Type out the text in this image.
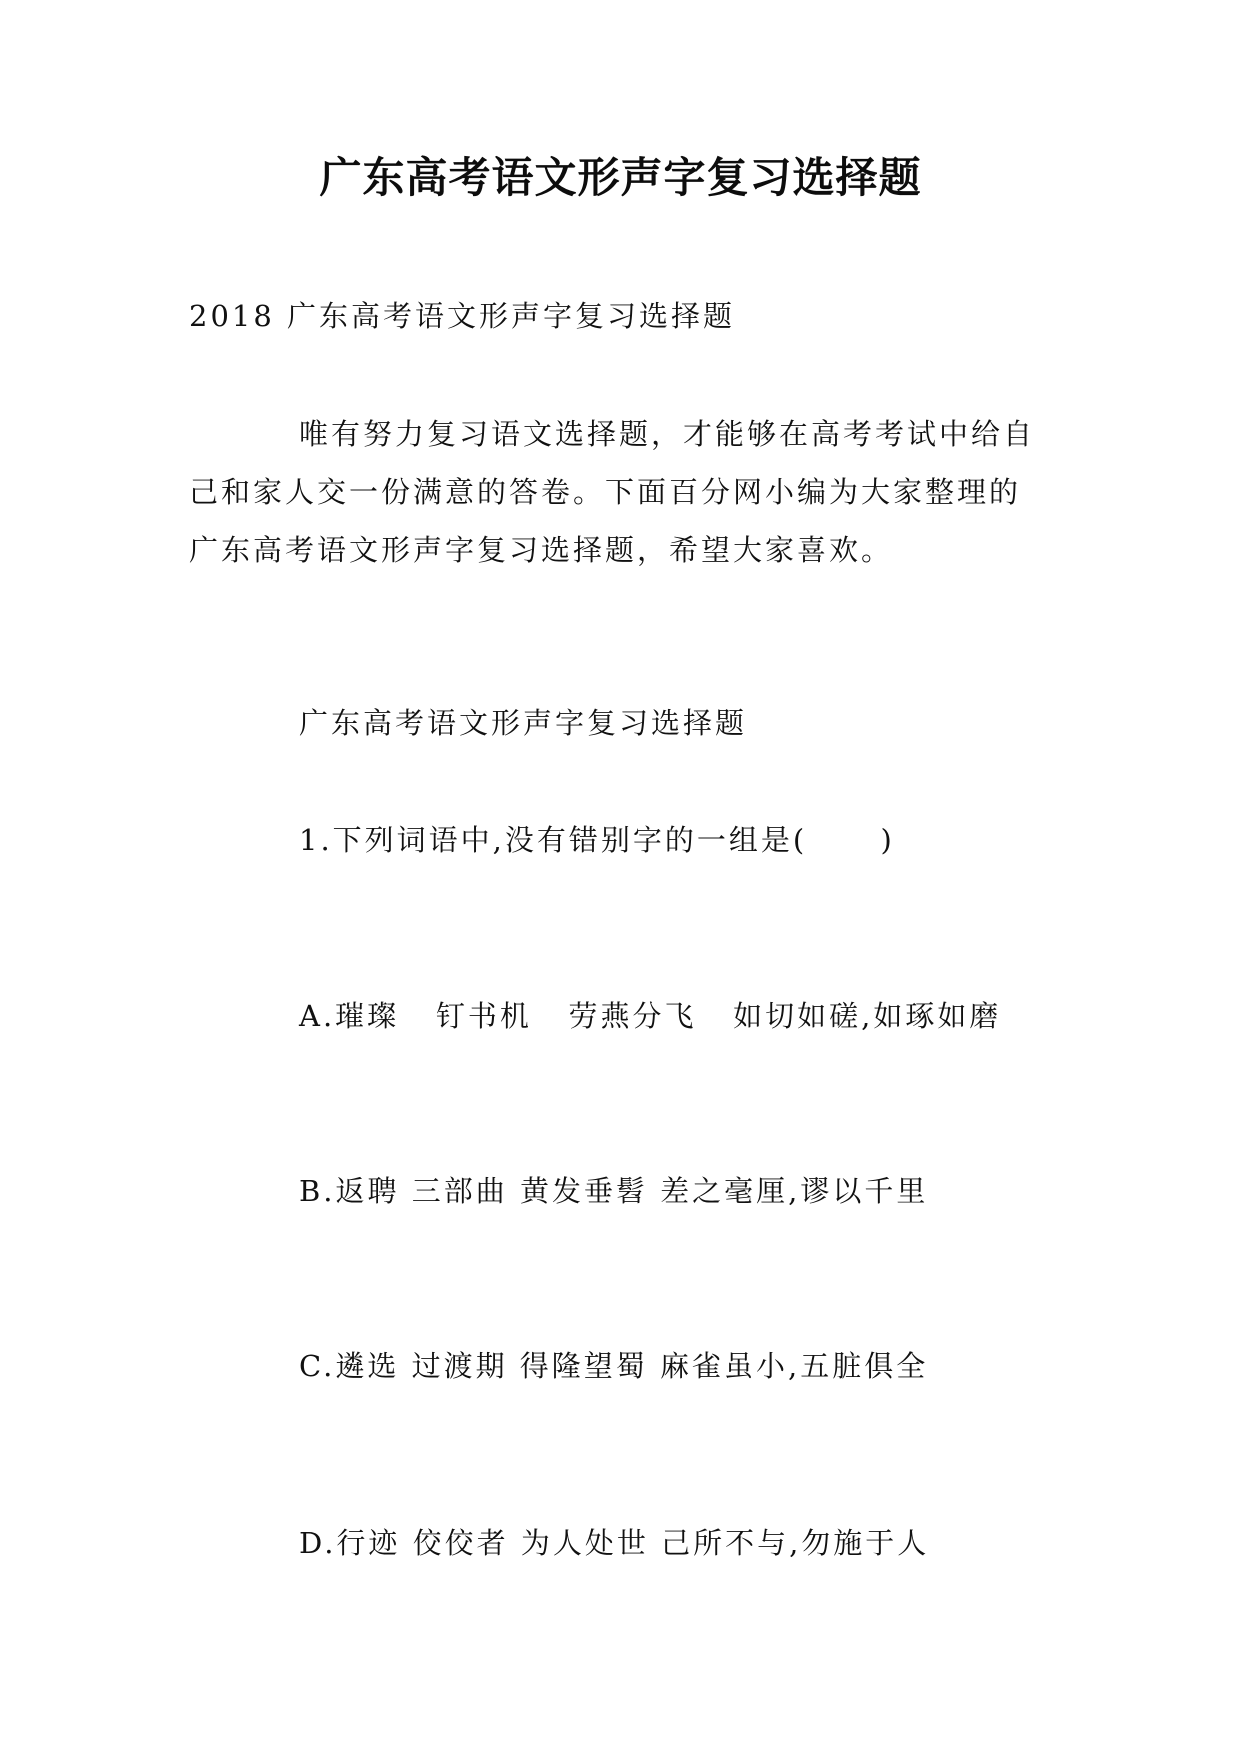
广东高考语文形声字复习选择题
2018 广东高考语文形声字复习选择题
唯有努力复习语文选择题，才能够在高考考试中给自
己和家人交一份满意的答卷。下面百分网小编为大家整理的
广东高考语文形声字复习选择题，希望大家喜欢。
广东高考语文形声字复习选择题
1.下列词语中,没有错别字的一组是(      )
A.璀璨   钉书机   劳燕分飞   如切如磋,如琢如磨
B.返聘 三部曲 黄发垂髫 差之毫厘,谬以千里
C.遴选 过渡期 得隆望蜀 麻雀虽小,五脏俱全
D.行迹 佼佼者 为人处世 己所不与,勿施于人
